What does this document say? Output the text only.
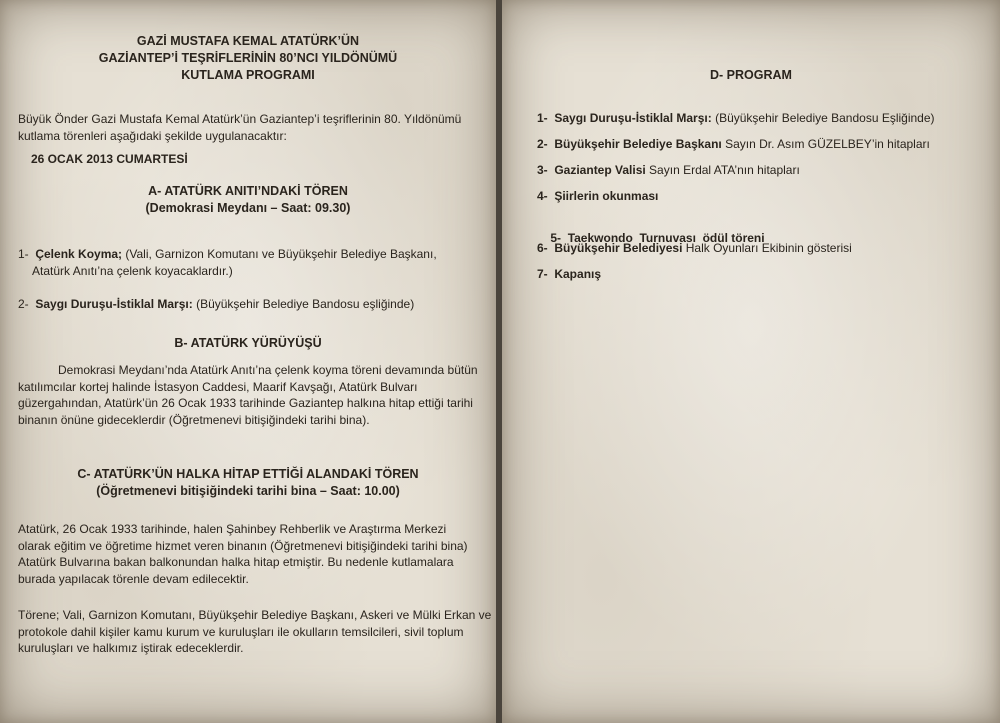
GAZİ MUSTAFA KEMAL ATATÜRK’ÜN
GAZİANTEP’İ TEŞRİFLERİNİN 80’NCI YILDÖNÜMÜ
KUTLAMA PROGRAMI

Büyük Önder Gazi Mustafa Kemal Atatürk’ün Gaziantep’i teşriflerinin 80. Yıldönümü kutlama törenleri aşağıdaki şekilde uygulanacaktır:

26 OCAK 2013 CUMARTESİ
A- ATATÜRK ANITI’NDAKİ TÖREN
(Demokrasi Meydanı – Saat: 09.30)
1- Çelenk Koyma; (Vali, Garnizon Komutanı ve Büyükşehir Belediye Başkanı,
Atatürk Anıtı’na çelenk koyacaklardır.)
2- Saygı Duruşu-İstiklal Marşı: (Büyükşehir Belediye Bandosu eşliğinde)
B- ATATÜRK YÜRÜYÜŞÜ

Demokrasi Meydanı’nda Atatürk Anıtı’na çelenk koyma töreni devamında bütün katılımcılar kortej halinde İstasyon Caddesi, Maarif Kavşağı, Atatürk Bulvarı güzergahından, Atatürk’ün 26 Ocak 1933 tarihinde Gaziantep halkına hitap ettiği tarihi binanın önüne gideceklerdir (Öğretmenevi bitişiğindeki tarihi bina).

C- ATATÜRK’ÜN HALKA HİTAP ETTİĞİ ALANDAKİ TÖREN
(Öğretmenevi bitişiğindeki tarihi bina – Saat: 10.00)

Atatürk, 26 Ocak 1933 tarihinde, halen Şahinbey Rehberlik ve Araştırma Merkezi olarak eğitim ve öğretime hizmet veren binanın (Öğretmenevi bitişiğindeki tarihi bina) Atatürk Bulvarına bakan balkonundan halka hitap etmiştir. Bu nedenle kutlamalara burada yapılacak törenle devam edilecektir.

Törene; Vali, Garnizon Komutanı, Büyükşehir Belediye Başkanı, Askeri ve Mülki Erkan ve protokole dahil kişiler kamu kurum ve kuruluşları ile okulların temsilcileri, sivil toplum kuruluşları ve halkımız iştirak edeceklerdir.

D- PROGRAM
1- Saygı Duruşu-İstiklal Marşı: (Büyükşehir Belediye Bandosu Eşliğinde)
2- Büyükşehir Belediye Başkanı Sayın Dr. Asım GÜZELBEY’in hitapları
3- Gaziantep Valisi Sayın Erdal ATA’nın hitapları
4- Şiirlerin okunması

5- Taekwondo  Turnuvası  ödül töreni

6- Büyükşehir Belediyesi Halk Oyunları Ekibinin gösterisi
7- Kapanış
